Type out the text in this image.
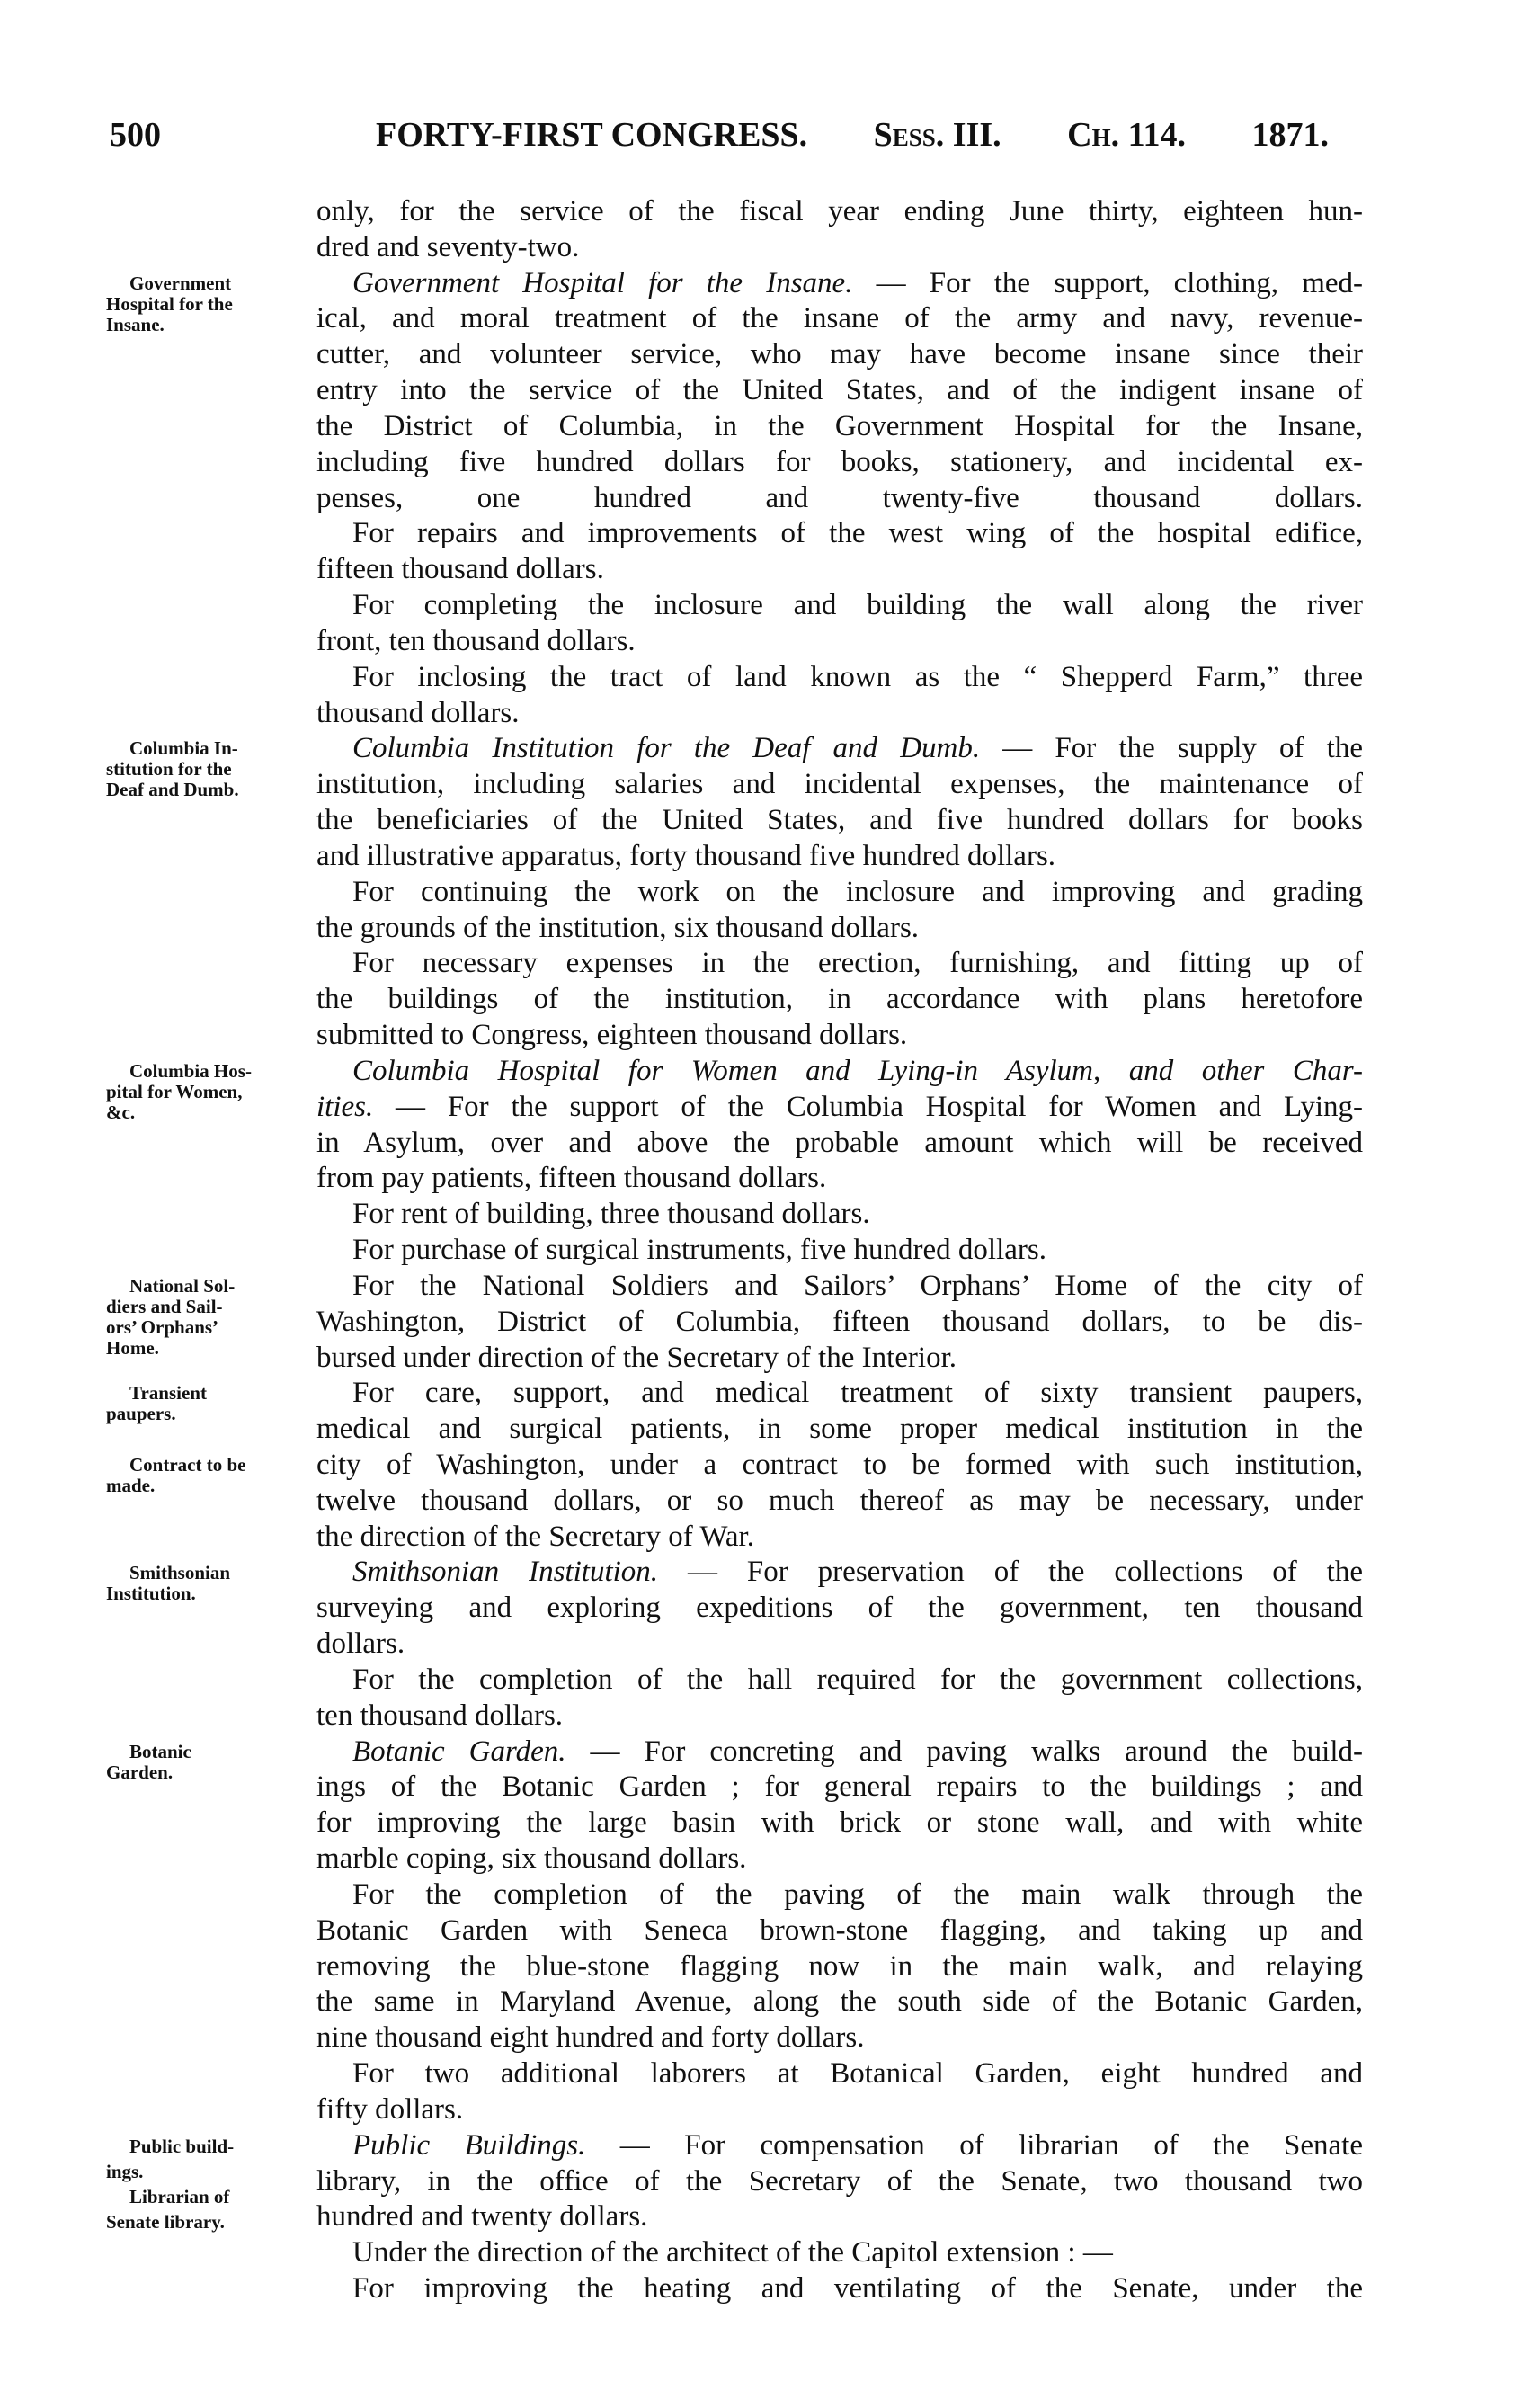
500	FORTY-FIRST CONGRESS. Sess. III. Ch. 114. 1871.
only, for the service of the fiscal year ending June thirty, eighteen hun-
dred and seventy-two.
Government Hospital for the Insane. — For the support, clothing, med-
ical, and moral treatment of the insane of the army and navy, revenue-
cutter, and volunteer service, who may have become insane since their
entry into the service of the United States, and of the indigent insane of
the District of Columbia, in the Government Hospital for the Insane,
including five hundred dollars for books, stationery, and incidental ex-
penses, one hundred and twenty-five thousand dollars.
For repairs and improvements of the west wing of the hospital edifice,
fifteen thousand dollars.
For completing the inclosure and building the wall along the river
front, ten thousand dollars.
For inclosing the tract of land known as the “ Shepperd Farm,” three
thousand dollars.
Columbia Institution for the Deaf and Dumb. — For the supply of the
institution, including salaries and incidental expenses, the maintenance of
the beneficiaries of the United States, and five hundred dollars for books
and illustrative apparatus, forty thousand five hundred dollars.
For continuing the work on the inclosure and improving and grading
the grounds of the institution, six thousand dollars.
For necessary expenses in the erection, furnishing, and fitting up of
the buildings of the institution, in accordance with plans heretofore
submitted to Congress, eighteen thousand dollars.
Columbia Hospital for Women and Lying-in Asylum, and other Char-
ities. — For the support of the Columbia Hospital for Women and Lying-
in Asylum, over and above the probable amount which will be received
from pay patients, fifteen thousand dollars.
For rent of building, three thousand dollars.
For purchase of surgical instruments, five hundred dollars.
For the National Soldiers and Sailors’ Orphans’ Home of the city of
Washington, District of Columbia, fifteen thousand dollars, to be dis-
bursed under direction of the Secretary of the Interior.
For care, support, and medical treatment of sixty transient paupers,
medical and surgical patients, in some proper medical institution in the
city of Washington, under a contract to be formed with such institution,
twelve thousand dollars, or so much thereof as may be necessary, under
the direction of the Secretary of War.
Smithsonian Institution. — For preservation of the collections of the
surveying and exploring expeditions of the government, ten thousand
dollars.
For the completion of the hall required for the government collections,
ten thousand dollars.
Botanic Garden. — For concreting and paving walks around the build-
ings of the Botanic Garden ; for general repairs to the buildings ; and
for improving the large basin with brick or stone wall, and with white
marble coping, six thousand dollars.
For the completion of the paving of the main walk through the
Botanic Garden with Seneca brown-stone flagging, and taking up and
removing the blue-stone flagging now in the main walk, and relaying
the same in Maryland Avenue, along the south side of the Botanic Garden,
nine thousand eight hundred and forty dollars.
For two additional laborers at Botanical Garden, eight hundred and
fifty dollars.
Public Buildings. — For compensation of librarian of the Senate
library, in the office of the Secretary of the Senate, two thousand two
hundred and twenty dollars.
Under the direction of the architect of the Capitol extension : —
For improving the heating and ventilating of the Senate, under the
Government
Hospital for the
Insane.
Columbia In-
stitution for the
Deaf and Dumb.
Columbia Hos-
pital for Women,
&c.
National Sol-
diers and Sail-
ors’ Orphans’
Home.
Transient
paupers.
Contract to be
made.
Smithsonian
Institution.
Botanic
Garden.
Public build-
ings.
Librarian of
Senate library.
